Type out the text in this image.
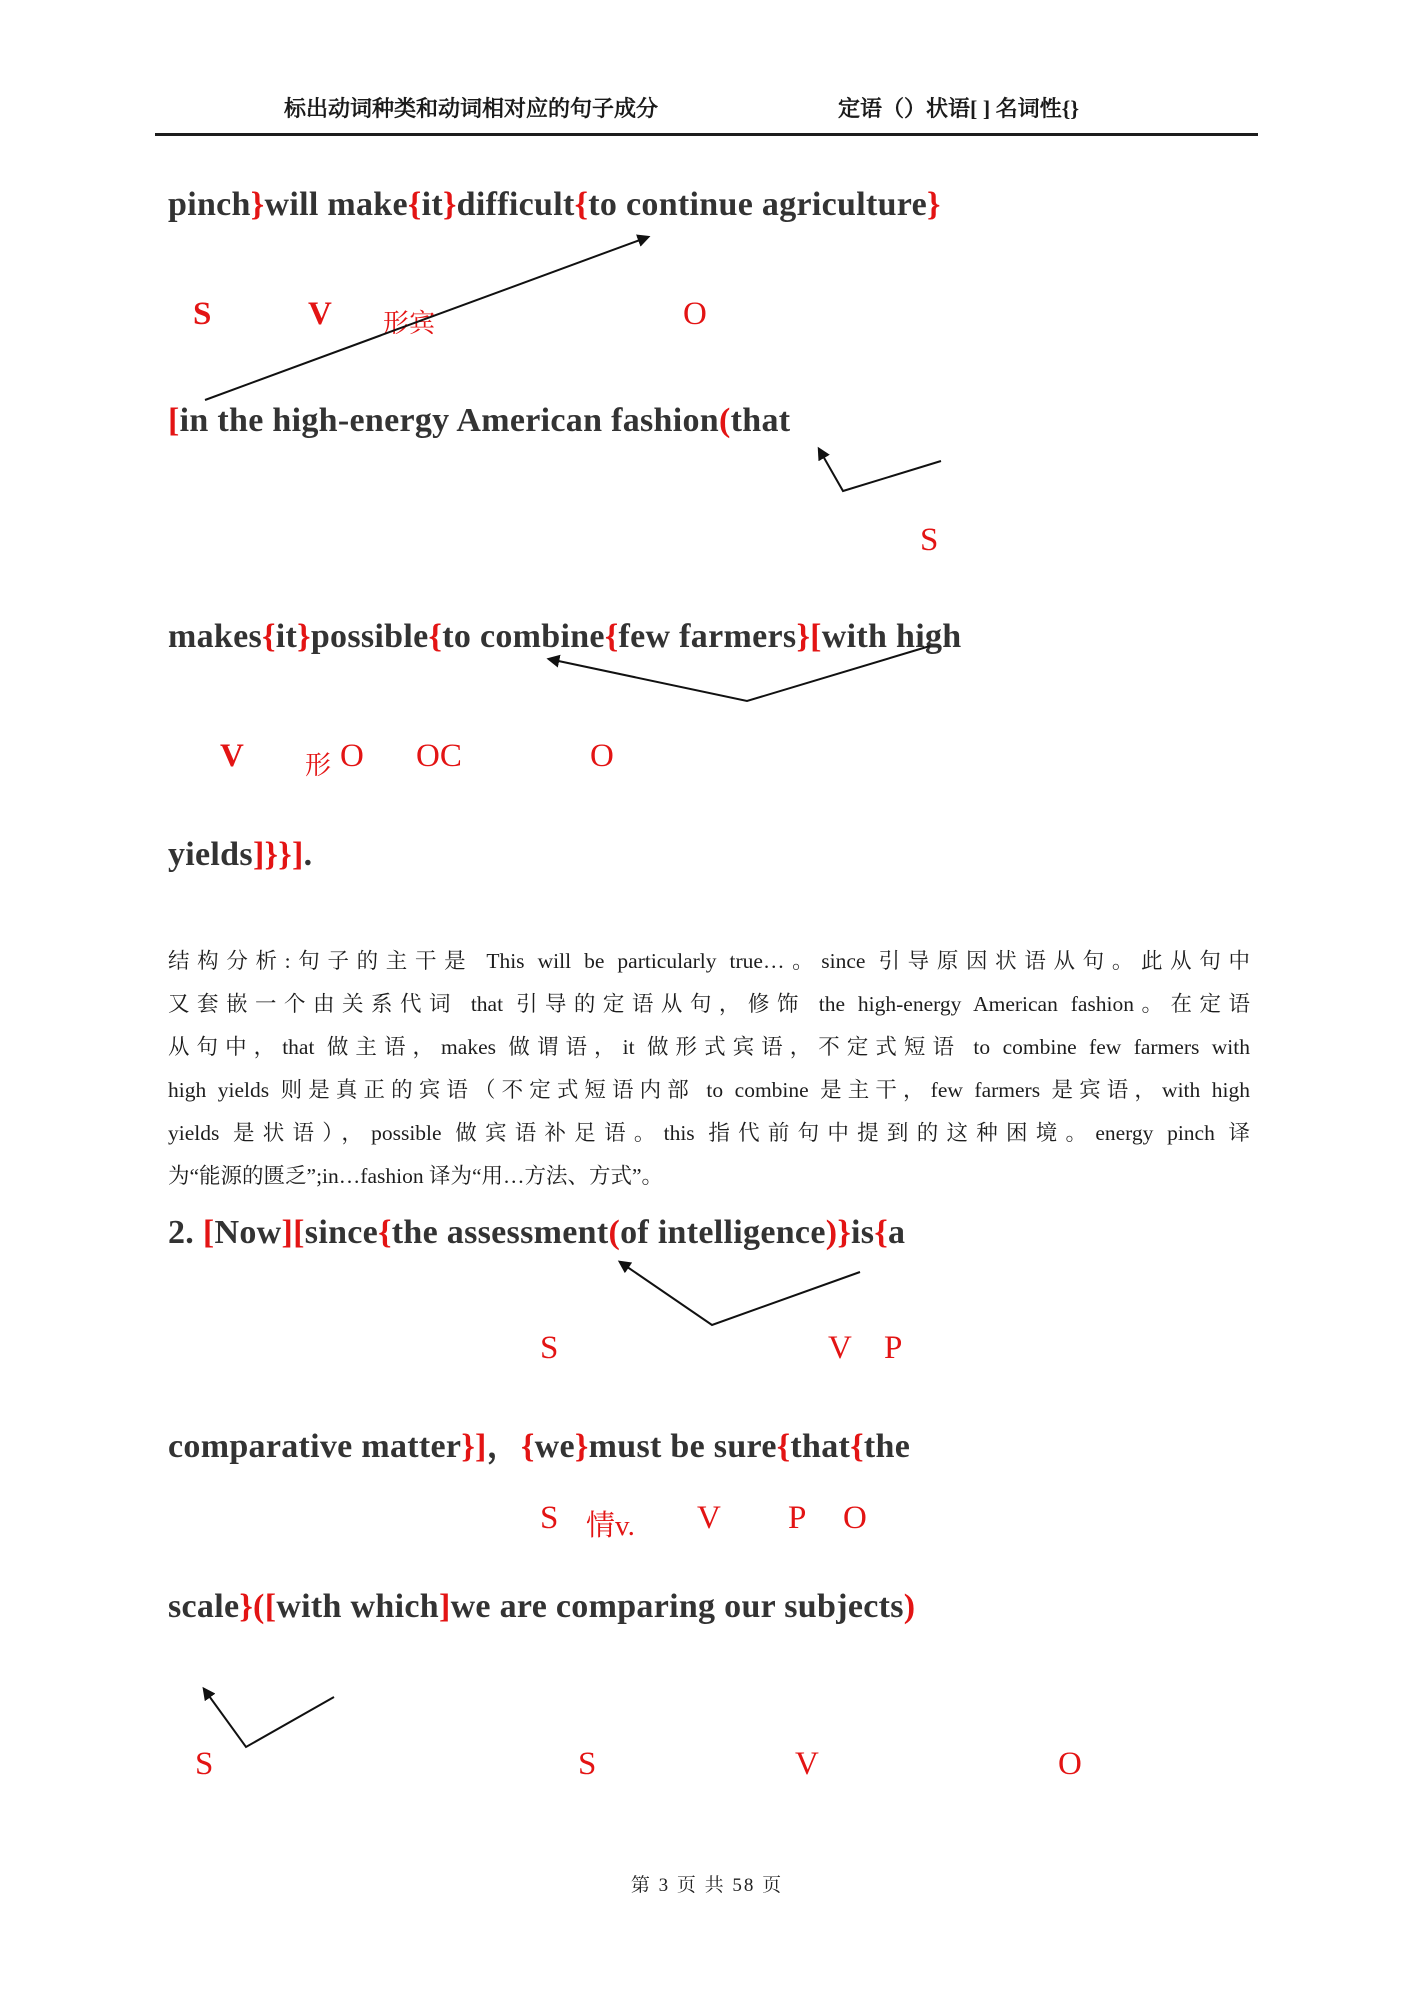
标出动词种类和动词相对应的句子成分	定语（）状语[ ] 名词性{}
pinch}will make{it}difficult{to continue agriculture}
S	V 形宾	O
[in the high-energy American fashion(that
S
makes{it}possible{to combine{few farmers}[with high
V 形 O OC	O
yields]}}].
结构分析:句子的主干是 This will be particularly true…。since 引导原因状语从句。此从句中
又套嵌一个由关系代词 that 引导的定语从句，修饰 the high-energy American fashion。在定语
从句中，that 做主语，makes 做谓语，it 做形式宾语，不定式短语 to combine few farmers with
high yields 则是真正的宾语（不定式短语内部 to combine 是主干，few farmers 是宾语，with high
yields 是状语），possible 做宾语补足语。this 指代前句中提到的这种困境。energy pinch 译
为“能源的匮乏”;in…fashion 译为“用…方法、方式”。
2. [Now][since{the assessment(of intelligence)}is{a
S	V P
comparative matter}]，{we}must be sure{that{the
S 情v. V P O
scale}([with which]we are comparing our subjects)
S	S	V	O
第 3 页 共 58 页
